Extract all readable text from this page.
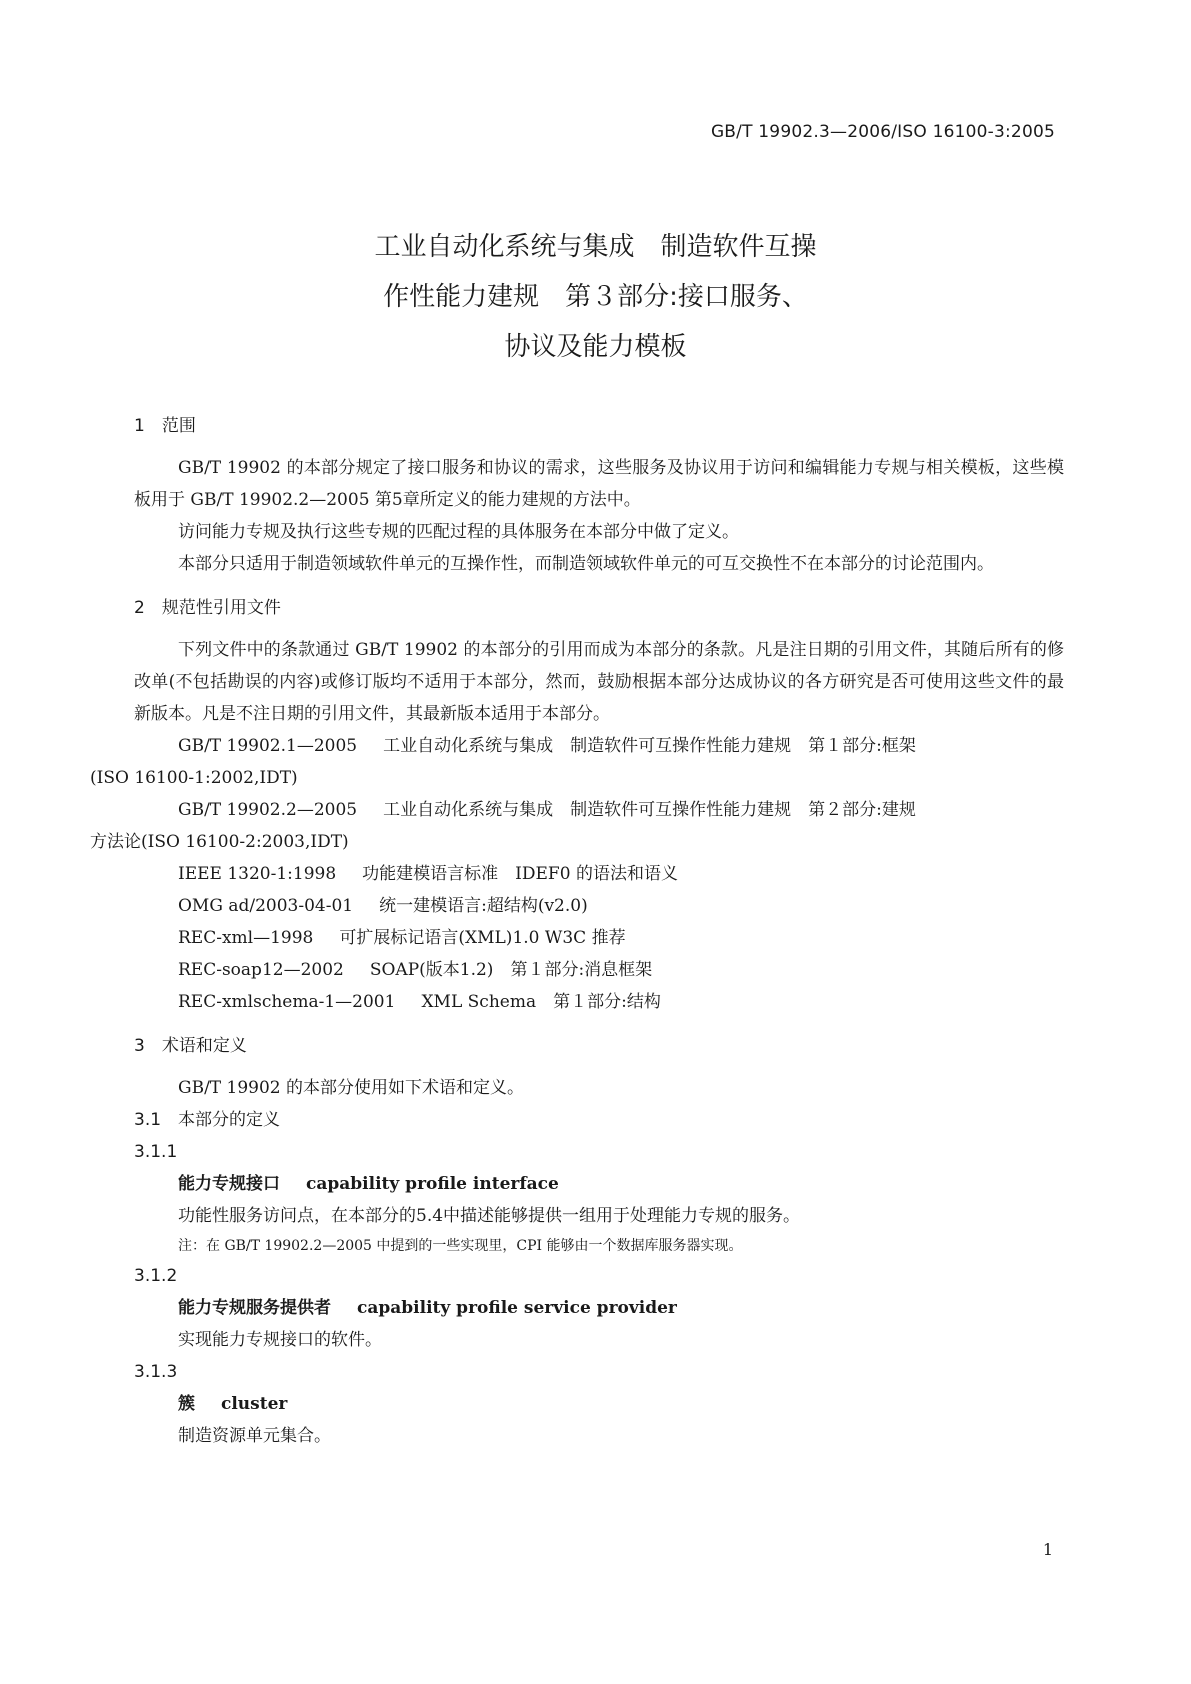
GB/T 19902.3—2006/ISO 16100-3:2005
工业自动化系统与集成　制造软件互操
作性能力建规　第３部分:接口服务、
协议及能力模板
1　范围

GB/T 19902 的本部分规定了接口服务和协议的需求，这些服务及协议用于访问和编辑能力专规与相关模板，这些模板用于 GB/T 19902.2—2005 第5章所定义的能力建规的方法中。

访问能力专规及执行这些专规的匹配过程的具体服务在本部分中做了定义。

本部分只适用于制造领域软件单元的互操作性，而制造领域软件单元的可互交换性不在本部分的讨论范围内。

2　规范性引用文件

下列文件中的条款通过 GB/T 19902 的本部分的引用而成为本部分的条款。凡是注日期的引用文件，其随后所有的修改单(不包括勘误的内容)或修订版均不适用于本部分，然而，鼓励根据本部分达成协议的各方研究是否可使用这些文件的最新版本。凡是不注日期的引用文件，其最新版本适用于本部分。

GB/T 19902.1—2005 工业自动化系统与集成　制造软件可互操作性能力建规　第１部分:框架
(ISO 16100-1:2002,IDT)

GB/T 19902.2—2005 工业自动化系统与集成　制造软件可互操作性能力建规　第２部分:建规
方法论(ISO 16100-2:2003,IDT)

IEEE 1320-1:1998 功能建模语言标准　IDEF0 的语法和语义

OMG ad/2003-04-01 统一建模语言:超结构(v2.0)

REC-xml—1998 可扩展标记语言(XML)1.0 W3C 推荐

REC-soap12—2002 SOAP(版本1.2)　第１部分:消息框架

REC-xmlschema-1—2001 XML Schema　第１部分:结构

3　术语和定义

GB/T 19902 的本部分使用如下术语和定义。

3.1　本部分的定义

3.1.1

能力专规接口 capability profile interface

功能性服务访问点，在本部分的5.4中描述能够提供一组用于处理能力专规的服务。

注：在 GB/T 19902.2—2005 中提到的一些实现里，CPI 能够由一个数据库服务器实现。

3.1.2

能力专规服务提供者 capability profile service provider

实现能力专规接口的软件。

3.1.3

簇 cluster

制造资源单元集合。

1
